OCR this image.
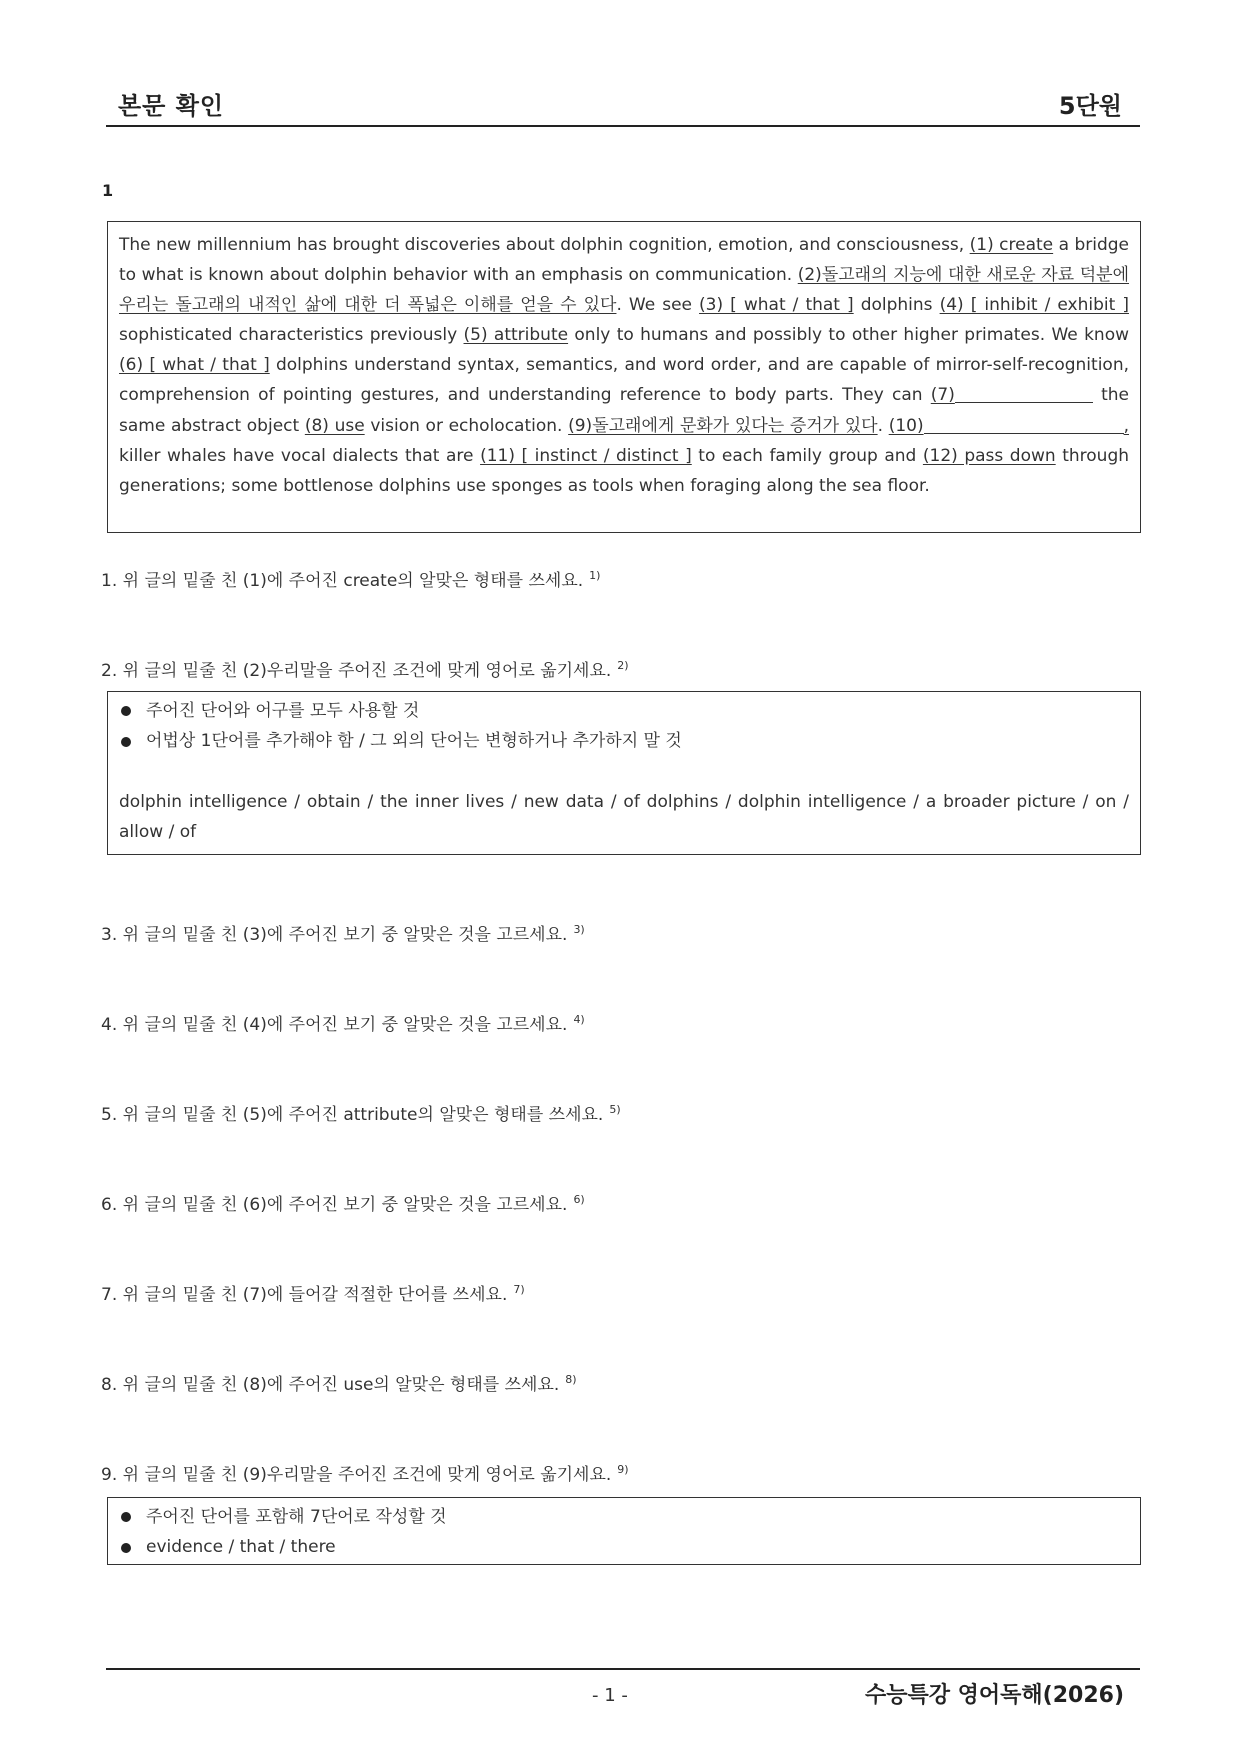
본문 확인	5단원
1
The new millennium has brought discoveries about dolphin cognition, emotion, and consciousness, (1) create a bridge to what is known about dolphin behavior with an emphasis on communication. (2)돌고래의 지능에 대한 새로운 자료 덕분에 우리는 돌고래의 내적인 삶에 대한 더 폭넓은 이해를 얻을 수 있다. We see (3) [ what / that ] dolphins (4) [ inhibit / exhibit ] sophisticated characteristics previously (5) attribute only to humans and possibly to other higher primates. We know (6) [ what / that ] dolphins understand syntax, semantics, and word order, and are capable of mirror-self-recognition, comprehension of pointing gestures, and understanding reference to body parts. They can (7)	the same abstract object (8) use vision or echolocation. (9)돌고래에게 문화가 있다는 증거가 있다. (10)	, killer whales have vocal dialects that are (11) [ instinct / distinct ] to each family group and (12) pass down through generations; some bottlenose dolphins use sponges as tools when foraging along the sea floor.
1. 위 글의 밑줄 친 (1)에 주어진 create의 알맞은 형태를 쓰세요. $^{1)}$
2. 위 글의 밑줄 친 (2)우리말을 주어진 조건에 맞게 영어로 옮기세요. $^{2)}$
주어진 단어와 어구를 모두 사용할 것
어법상 1단어를 추가해야 함 / 그 외의 단어는 변형하거나 추가하지 말 것
dolphin intelligence / obtain / the inner lives / new data / of dolphins / dolphin intelligence / a broader picture / on / allow / of
3. 위 글의 밑줄 친 (3)에 주어진 보기 중 알맞은 것을 고르세요. $^{3)}$
4. 위 글의 밑줄 친 (4)에 주어진 보기 중 알맞은 것을 고르세요. $^{4)}$
5. 위 글의 밑줄 친 (5)에 주어진 attribute의 알맞은 형태를 쓰세요. $^{5)}$
6. 위 글의 밑줄 친 (6)에 주어진 보기 중 알맞은 것을 고르세요. $^{6)}$
7. 위 글의 밑줄 친 (7)에 들어갈 적절한 단어를 쓰세요. $^{7)}$
8. 위 글의 밑줄 친 (8)에 주어진 use의 알맞은 형태를 쓰세요. $^{8)}$
9. 위 글의 밑줄 친 (9)우리말을 주어진 조건에 맞게 영어로 옮기세요. $^{9)}$
주어진 단어를 포함해 7단어로 작성할 것
evidence / that / there
- 1 -	수능특강 영어독해(2026)
